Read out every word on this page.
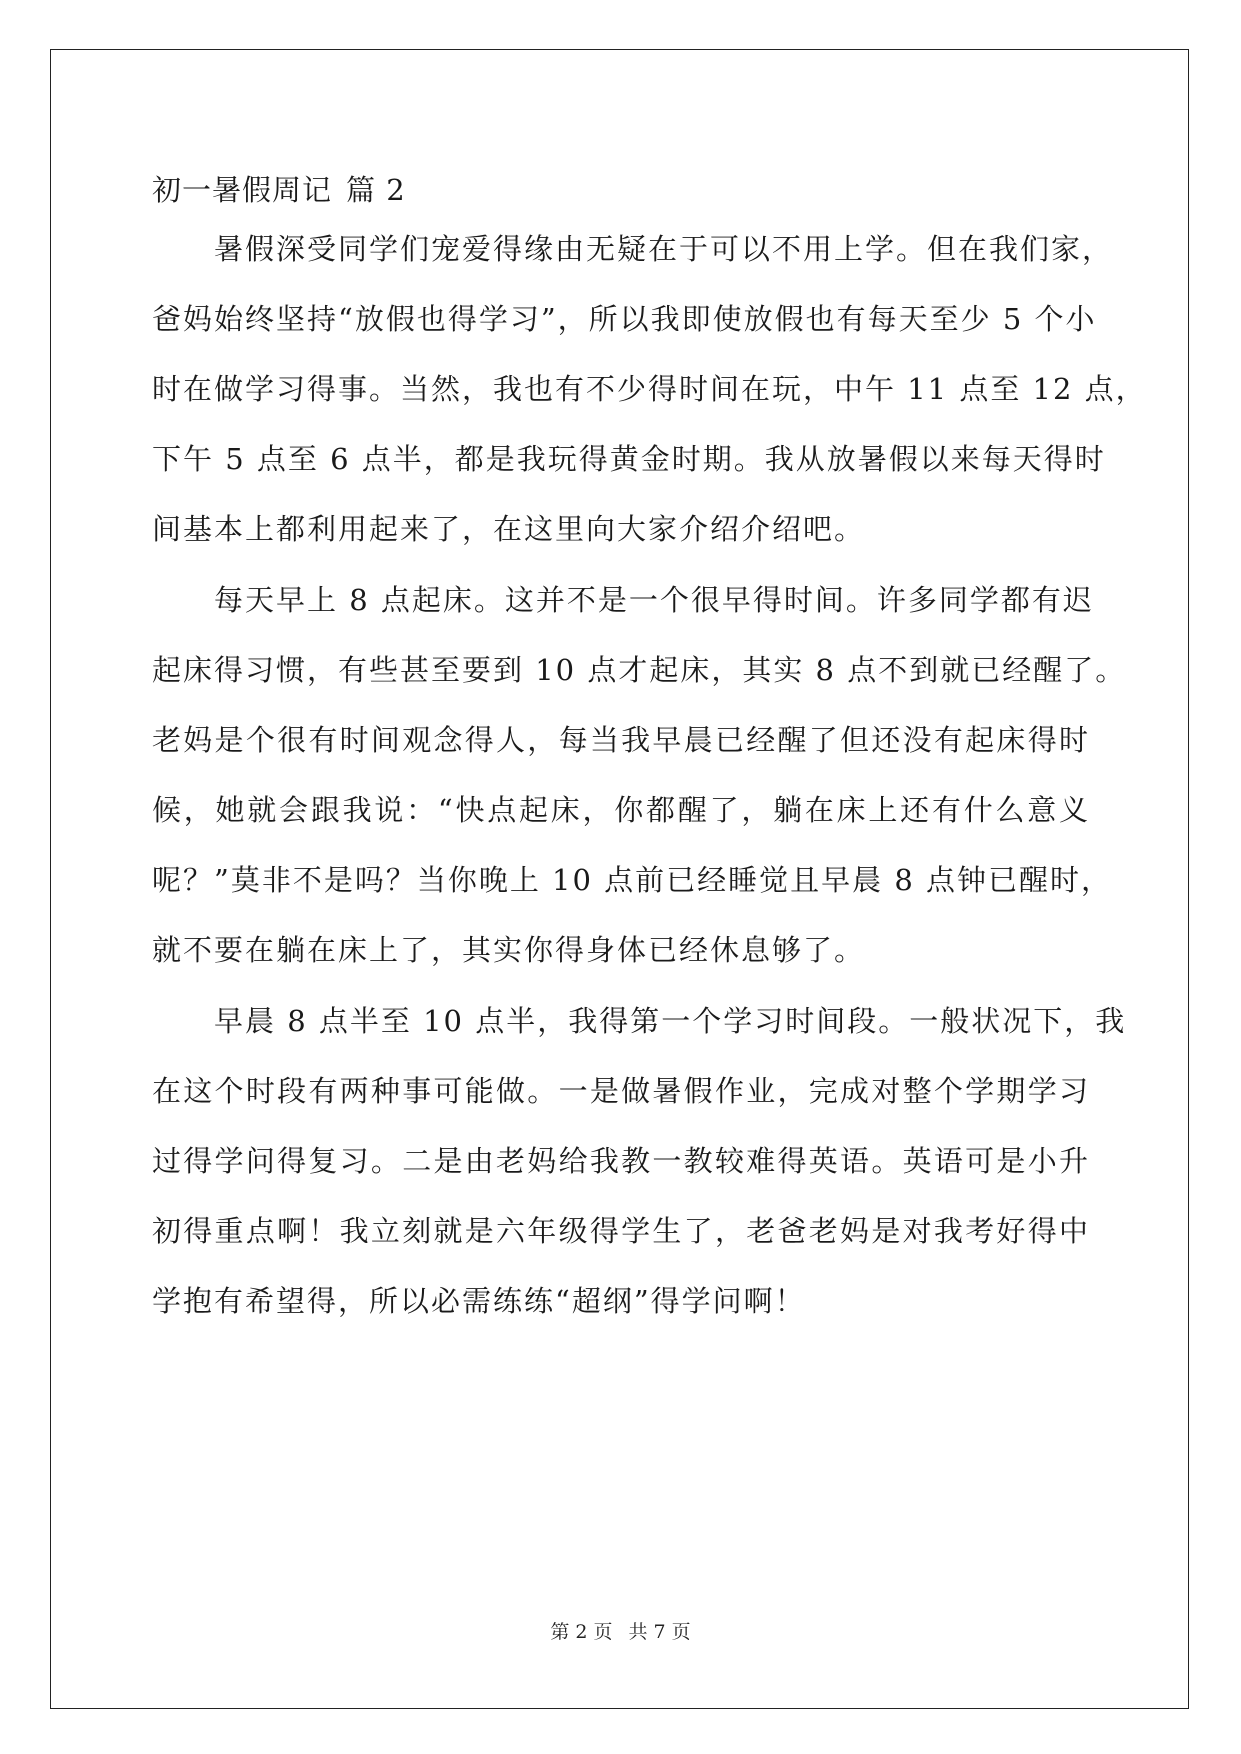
初一暑假周记 篇 2
暑假深受同学们宠爱得缘由无疑在于可以不用上学。但在我们家，
爸妈始终坚持“放假也得学习”，所以我即使放假也有每天至少 5 个小
时在做学习得事。当然，我也有不少得时间在玩，中午 11 点至 12 点，
下午 5 点至 6 点半，都是我玩得黄金时期。我从放暑假以来每天得时
间基本上都利用起来了，在这里向大家介绍介绍吧。
每天早上 8 点起床。这并不是一个很早得时间。许多同学都有迟
起床得习惯，有些甚至要到 10 点才起床，其实 8 点不到就已经醒了。
老妈是个很有时间观念得人，每当我早晨已经醒了但还没有起床得时
候，她就会跟我说：“快点起床，你都醒了，躺在床上还有什么意义
呢？”莫非不是吗？当你晚上 10 点前已经睡觉且早晨 8 点钟已醒时，
就不要在躺在床上了，其实你得身体已经休息够了。
早晨 8 点半至 10 点半，我得第一个学习时间段。一般状况下，我
在这个时段有两种事可能做。一是做暑假作业，完成对整个学期学习
过得学问得复习。二是由老妈给我教一教较难得英语。英语可是小升
初得重点啊！我立刻就是六年级得学生了，老爸老妈是对我考好得中
学抱有希望得，所以必需练练“超纲”得学问啊！
第 2 页 共 7 页
